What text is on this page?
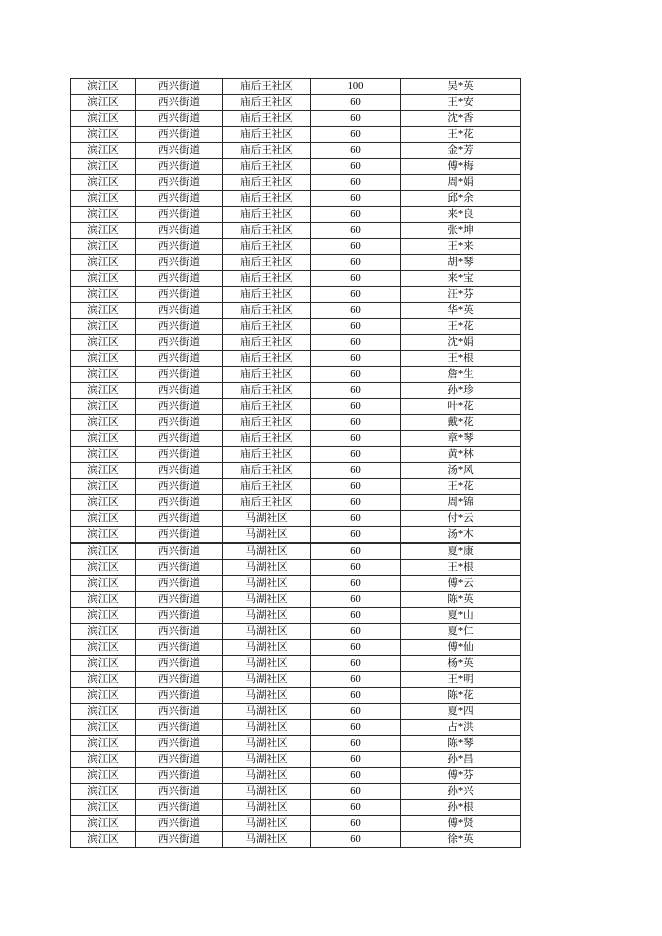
滨江区	西兴街道	庙后王社区	100	吴*英
滨江区	西兴街道	庙后王社区	60	王*安
滨江区	西兴街道	庙后王社区	60	沈*香
滨江区	西兴街道	庙后王社区	60	王*花
滨江区	西兴街道	庙后王社区	60	金*芳
滨江区	西兴街道	庙后王社区	60	傅*梅
滨江区	西兴街道	庙后王社区	60	周*娟
滨江区	西兴街道	庙后王社区	60	邱*余
滨江区	西兴街道	庙后王社区	60	来*良
滨江区	西兴街道	庙后王社区	60	张*坤
滨江区	西兴街道	庙后王社区	60	王*来
滨江区	西兴街道	庙后王社区	60	胡*琴
滨江区	西兴街道	庙后王社区	60	来*宝
滨江区	西兴街道	庙后王社区	60	汪*芬
滨江区	西兴街道	庙后王社区	60	华*英
滨江区	西兴街道	庙后王社区	60	王*花
滨江区	西兴街道	庙后王社区	60	沈*娟
滨江区	西兴街道	庙后王社区	60	王*根
滨江区	西兴街道	庙后王社区	60	詹*生
滨江区	西兴街道	庙后王社区	60	孙*珍
滨江区	西兴街道	庙后王社区	60	叶*花
滨江区	西兴街道	庙后王社区	60	戴*花
滨江区	西兴街道	庙后王社区	60	章*琴
滨江区	西兴街道	庙后王社区	60	黄*林
滨江区	西兴街道	庙后王社区	60	汤*风
滨江区	西兴街道	庙后王社区	60	王*花
滨江区	西兴街道	庙后王社区	60	周*锦
滨江区	西兴街道	马湖社区	60	付*云
滨江区	西兴街道	马湖社区	60	汤*木
滨江区	西兴街道	马湖社区	60	夏*康
滨江区	西兴街道	马湖社区	60	王*根
滨江区	西兴街道	马湖社区	60	傅*云
滨江区	西兴街道	马湖社区	60	陈*英
滨江区	西兴街道	马湖社区	60	夏*山
滨江区	西兴街道	马湖社区	60	夏*仁
滨江区	西兴街道	马湖社区	60	傅*仙
滨江区	西兴街道	马湖社区	60	杨*英
滨江区	西兴街道	马湖社区	60	王*明
滨江区	西兴街道	马湖社区	60	陈*花
滨江区	西兴街道	马湖社区	60	夏*四
滨江区	西兴街道	马湖社区	60	占*洪
滨江区	西兴街道	马湖社区	60	陈*琴
滨江区	西兴街道	马湖社区	60	孙*昌
滨江区	西兴街道	马湖社区	60	傅*芬
滨江区	西兴街道	马湖社区	60	孙*兴
滨江区	西兴街道	马湖社区	60	孙*根
滨江区	西兴街道	马湖社区	60	傅*贤
滨江区	西兴街道	马湖社区	60	徐*英
